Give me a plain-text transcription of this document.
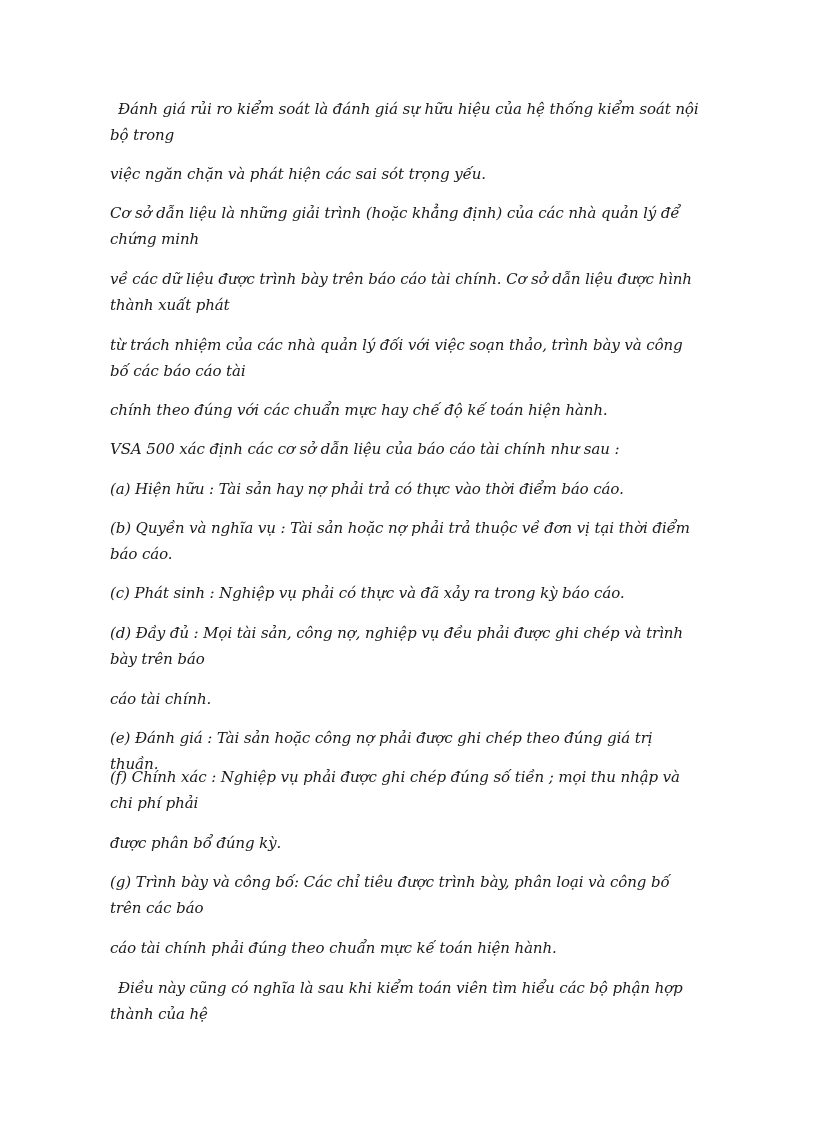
Đánh giá rủi ro kiểm soát là đánh giá sự hữu hiệu của hệ thống kiểm soát nội bộ trong

việc ngăn chặn và phát hiện các sai sót trọng yếu.

Cơ sở dẫn liệu là những giải trình (hoặc khẳng định) của các nhà quản lý để chứng minh

về các dữ liệu được trình bày trên báo cáo tài chính. Cơ sở dẫn liệu được hình thành xuất phát

từ trách nhiệm của các nhà quản lý đối với việc soạn thảo, trình bày và công bố các báo cáo tài

chính theo đúng với các chuẩn mực hay chế độ kế toán hiện hành.

VSA 500 xác định các cơ sở dẫn liệu của báo cáo tài chính như sau :

(a) Hiện hữu : Tài sản hay nợ phải trả có thực vào thời điểm báo cáo.

(b) Quyền và nghĩa vụ : Tài sản hoặc nợ phải trả thuộc về đơn vị tại thời điểm báo cáo.

(c) Phát sinh : Nghiệp vụ phải có thực và đã xảy ra trong kỳ báo cáo.

(d) Đầy đủ : Mọi tài sản, công nợ, nghiệp vụ đều phải được ghi chép và trình bày trên báo

cáo tài chính.

(e) Đánh giá : Tài sản hoặc công nợ phải được ghi chép theo đúng giá trị thuần.

(f) Chính xác : Nghiệp vụ phải được ghi chép đúng số tiền ; mọi thu nhập và chi phí phải

được phân bổ đúng kỳ.

(g) Trình bày và công bố: Các chỉ tiêu được trình bày, phân loại và công bố trên các báo

cáo tài chính phải đúng theo chuẩn mực kế toán hiện hành.

Điều này cũng có nghĩa là sau khi kiểm toán viên tìm hiểu các bộ phận hợp thành của hệ
